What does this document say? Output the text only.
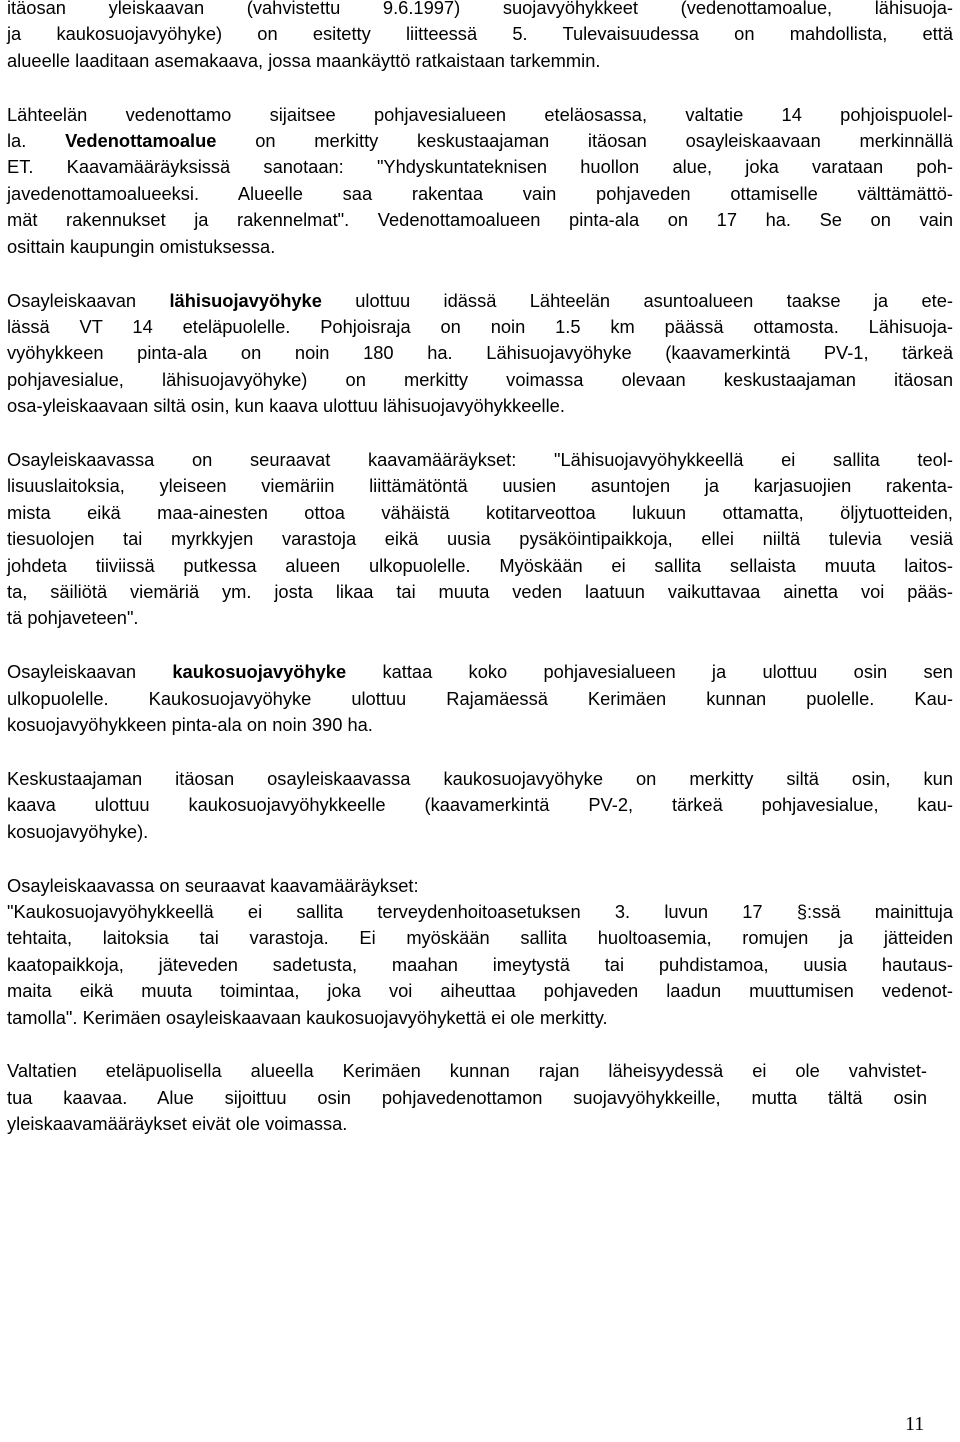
itäosan yleiskaavan (vahvistettu 9.6.1997) suojavyöhykkeet (vedenottamoalue, lähisuoja-
ja kaukosuojavyöhyke) on esitetty liitteessä 5. Tulevaisuudessa on mahdollista, että
alueelle laaditaan asemakaava, jossa maankäyttö ratkaistaan tarkemmin.
Lähteelän vedenottamo sijaitsee pohjavesialueen eteläosassa, valtatie 14 pohjoispuolel-
la. Vedenottamoalue on merkitty keskustaajaman itäosan osayleiskaavaan merkinnällä
ET. Kaavamääräyksissä sanotaan: "Yhdyskuntateknisen huollon alue, joka varataan poh-
javedenottamoalueeksi. Alueelle saa rakentaa vain pohjaveden ottamiselle välttämättö-
mät rakennukset ja rakennelmat". Vedenottamoalueen pinta-ala on 17 ha. Se on vain
osittain kaupungin omistuksessa.
Osayleiskaavan lähisuojavyöhyke ulottuu idässä Lähteelän asuntoalueen taakse ja ete-
lässä VT 14 eteläpuolelle. Pohjoisraja on noin 1.5 km päässä ottamosta. Lähisuoja-
vyöhykkeen pinta-ala on noin 180 ha. Lähisuojavyöhyke (kaavamerkintä PV-1, tärkeä
pohjavesialue, lähisuojavyöhyke) on merkitty voimassa olevaan keskustaajaman itäosan
osa-yleiskaavaan siltä osin, kun kaava ulottuu lähisuojavyöhykkeelle.
Osayleiskaavassa on seuraavat kaavamääräykset: "Lähisuojavyöhykkeellä ei sallita teol-
lisuuslaitoksia, yleiseen viemäriin liittämätöntä uusien asuntojen ja karjasuojien rakenta-
mista eikä maa-ainesten ottoa vähäistä kotitarveottoa lukuun ottamatta, öljytuotteiden,
tiesuolojen tai myrkkyjen varastoja eikä uusia pysäköintipaikkoja, ellei niiltä tulevia vesiä
johdeta tiiviissä putkessa alueen ulkopuolelle. Myöskään ei sallita sellaista muuta laitos-
ta, säiliötä viemäriä ym. josta likaa tai muuta veden laatuun vaikuttavaa ainetta voi pääs-
tä pohjaveteen".
Osayleiskaavan kaukosuojavyöhyke kattaa koko pohjavesialueen ja ulottuu osin sen
ulkopuolelle. Kaukosuojavyöhyke ulottuu Rajamäessä Kerimäen kunnan puolelle. Kau-
kosuojavyöhykkeen pinta-ala on noin 390 ha.
Keskustaajaman itäosan osayleiskaavassa kaukosuojavyöhyke on merkitty siltä osin, kun
kaava ulottuu kaukosuojavyöhykkeelle (kaavamerkintä PV-2, tärkeä pohjavesialue, kau-
kosuojavyöhyke).
Osayleiskaavassa on seuraavat kaavamääräykset:
"Kaukosuojavyöhykkeellä ei sallita terveydenhoitoasetuksen 3. luvun 17 §:ssä mainittuja
tehtaita, laitoksia tai varastoja. Ei myöskään sallita huoltoasemia, romujen ja jätteiden
kaatopaikkoja, jäteveden sadetusta, maahan imeytystä tai puhdistamoa, uusia hautaus-
maita eikä muuta toimintaa, joka voi aiheuttaa pohjaveden laadun muuttumisen vedenot-
tamolla". Kerimäen osayleiskaavaan kaukosuojavyöhykettä ei ole merkitty.
Valtatien eteläpuolisella alueella Kerimäen kunnan rajan läheisyydessä ei ole vahvistet-
tua kaavaa. Alue sijoittuu osin pohjavedenottamon suojavyöhykkeille, mutta tältä osin
yleiskaavamääräykset eivät ole voimassa.
11
